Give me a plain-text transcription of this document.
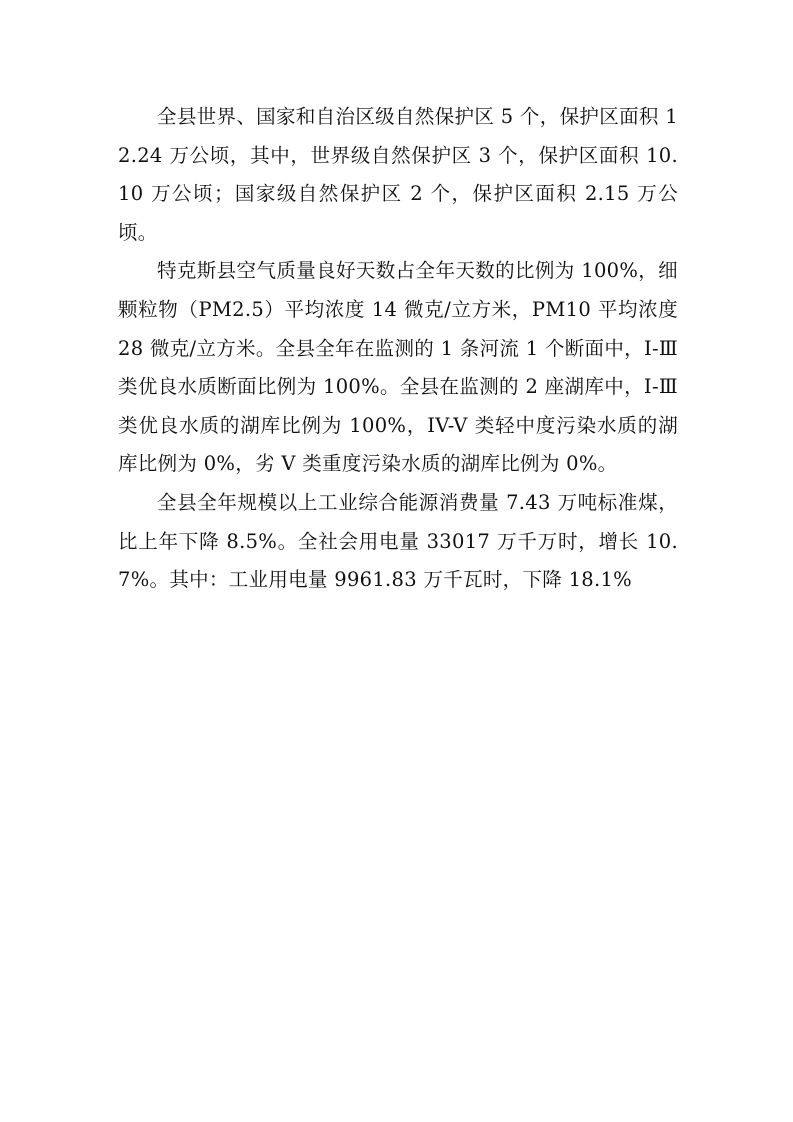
全县世界、国家和自治区级自然保护区 5 个，保护区面积 12.24 万公顷，其中，世界级自然保护区 3 个，保护区面积 10.10 万公顷；国家级自然保护区 2 个，保护区面积 2.15 万公顷。

特克斯县空气质量良好天数占全年天数的比例为 100%，细颗粒物（PM2.5）平均浓度 14 微克/立方米，PM10 平均浓度 28 微克/立方米。全县全年在监测的 1 条河流 1 个断面中，Ⅰ-Ⅲ类优良水质断面比例为 100%。全县在监测的 2 座湖库中，Ⅰ-Ⅲ类优良水质的湖库比例为 100%，IV-V 类轻中度污染水质的湖库比例为 0%，劣 V 类重度污染水质的湖库比例为 0%。

全县全年规模以上工业综合能源消费量 7.43 万吨标准煤，比上年下降 8.5%。全社会用电量 33017 万千万时，增长 10.7%。其中：工业用电量 9961.83 万千瓦时，下降 18.1%
